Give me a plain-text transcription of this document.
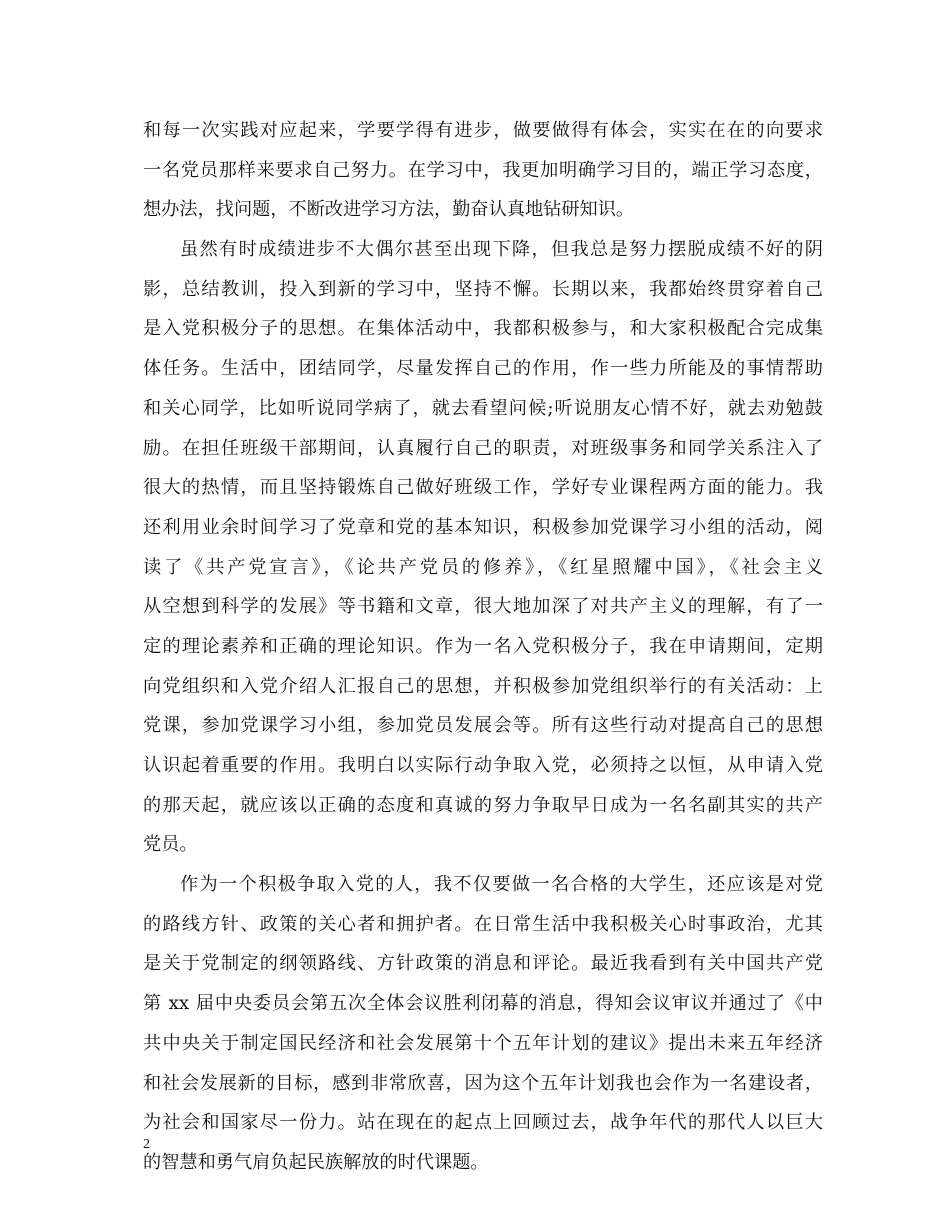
和每一次实践对应起来，学要学得有进步，做要做得有体会，实实在在的向要求
一名党员那样来要求自己努力。在学习中，我更加明确学习目的，端正学习态度，
想办法，找问题，不断改进学习方法，勤奋认真地钻研知识。
虽然有时成绩进步不大偶尔甚至出现下降，但我总是努力摆脱成绩不好的阴
影，总结教训，投入到新的学习中，坚持不懈。长期以来，我都始终贯穿着自己
是入党积极分子的思想。在集体活动中，我都积极参与，和大家积极配合完成集
体任务。生活中，团结同学，尽量发挥自己的作用，作一些力所能及的事情帮助
和关心同学，比如听说同学病了，就去看望问候;听说朋友心情不好，就去劝勉鼓
励。在担任班级干部期间，认真履行自己的职责，对班级事务和同学关系注入了
很大的热情，而且坚持锻炼自己做好班级工作，学好专业课程两方面的能力。我
还利用业余时间学习了党章和党的基本知识，积极参加党课学习小组的活动，阅
读了《共产党宣言》，《论共产党员的修养》，《红星照耀中国》，《社会主义
从空想到科学的发展》等书籍和文章，很大地加深了对共产主义的理解，有了一
定的理论素养和正确的理论知识。作为一名入党积极分子，我在申请期间，定期
向党组织和入党介绍人汇报自己的思想，并积极参加党组织举行的有关活动：上
党课，参加党课学习小组，参加党员发展会等。所有这些行动对提高自己的思想
认识起着重要的作用。我明白以实际行动争取入党，必须持之以恒，从申请入党
的那天起，就应该以正确的态度和真诚的努力争取早日成为一名名副其实的共产
党员。
作为一个积极争取入党的人，我不仅要做一名合格的大学生，还应该是对党
的路线方针、政策的关心者和拥护者。在日常生活中我积极关心时事政治，尤其
是关于党制定的纲领路线、方针政策的消息和评论。最近我看到有关中国共产党
第 xx 届中央委员会第五次全体会议胜利闭幕的消息，得知会议审议并通过了《中
共中央关于制定国民经济和社会发展第十个五年计划的建议》提出未来五年经济
和社会发展新的目标，感到非常欣喜，因为这个五年计划我也会作为一名建设者，
为社会和国家尽一份力。站在现在的起点上回顾过去，战争年代的那代人以巨大
的智慧和勇气肩负起民族解放的时代课题。
2
